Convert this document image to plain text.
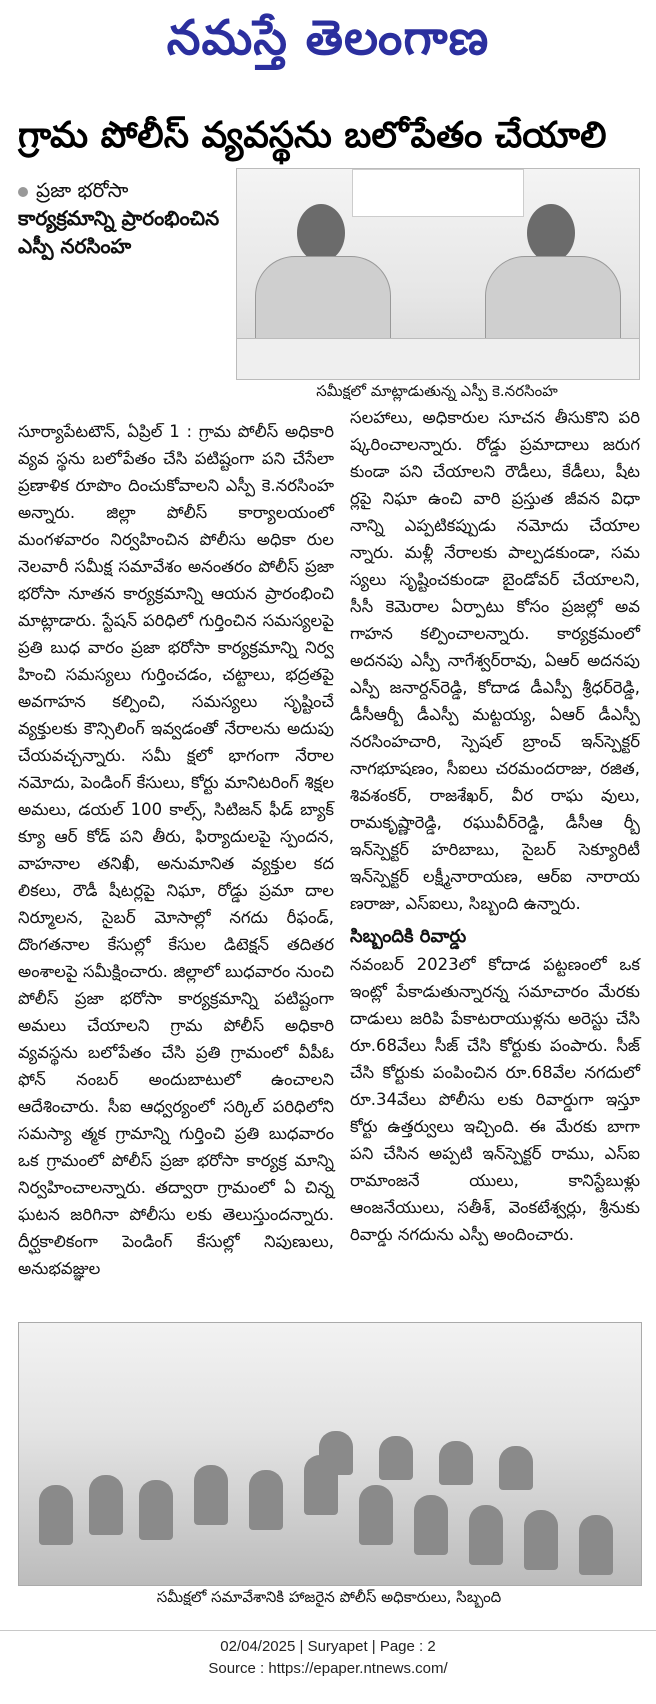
నమస్తే తెలంగాణ
గ్రామ పోలీస్ వ్యవస్థను బలోపేతం చేయాలి
ప్రజా భరోసా
కార్యక్రమాన్ని ప్రారంభించిన ఎస్పీ నరసింహ
సమీక్షలో మాట్లాడుతున్న ఎస్పీ కె.నరసింహ
సూర్యాపేటటౌన్, ఏప్రిల్ 1 : గ్రామ పోలీస్ అధికారి వ్యవ స్థను బలోపేతం చేసి పటిష్టంగా పని చేసేలా ప్రణాళిక రూపొం దించుకోవాలని ఎస్పీ కె.నరసింహ అన్నారు. జిల్లా పోలీస్ కార్యాలయంలో మంగళవారం నిర్వహించిన పోలీసు అధికా రుల నెలవారీ సమీక్ష సమావేశం అనంతరం పోలీస్ ప్రజా భరోసా నూతన కార్యక్రమాన్ని ఆయన ప్రారంభించి మాట్లాడారు. స్టేషన్ పరిధిలో గుర్తించిన సమస్యలపై ప్రతి బుధ వారం ప్రజా భరోసా కార్యక్రమాన్ని నిర్వ హించి సమస్యలు గుర్తించడం, చట్టాలు, భద్రతపై అవగాహన కల్పించి, సమస్యలు సృష్టించే వ్యక్తులకు కౌన్సిలింగ్ ఇవ్వడంతో నేరాలను అదుపు చేయవచ్చన్నారు. సమీ క్షలో భాగంగా నేరాల నమోదు, పెండింగ్ కేసులు, కోర్టు మానిటరింగ్ శిక్షల అమలు, డయల్ 100 కాల్స్, సిటిజన్ ఫీడ్ బ్యాక్ క్యూ ఆర్ కోడ్ పని తీరు, ఫిర్యాదులపై స్పందన, వాహనాల తనిఖీ, అనుమానిత వ్యక్తుల కద లికలు, రౌడీ షీటర్లపై నిఘా, రోడ్డు ప్రమా దాల నిర్మూలన, సైబర్ మోసాల్లో నగదు రీఫండ్, దొంగతనాల కేసుల్లో కేసుల డిటెక్షన్ తదితర అంశాలపై సమీక్షించారు. జిల్లాలో బుధవారం నుంచి పోలీస్ ప్రజా భరోసా కార్యక్రమాన్ని పటిష్టంగా అమలు చేయాలని గ్రామ పోలీస్ అధికారి వ్యవస్థను బలోపేతం చేసి ప్రతి గ్రామంలో వీపీఓ ఫోన్ నంబర్ అందుబాటులో ఉంచాలని ఆదేశించారు. సీఐ ఆధ్వర్యంలో సర్కిల్ పరిధిలోని సమస్యా త్మక గ్రామాన్ని గుర్తించి ప్రతి బుధవారం ఒక గ్రామంలో పోలీస్ ప్రజా భరోసా కార్యక్ర మాన్ని నిర్వహించాలన్నారు. తద్వారా గ్రామంలో ఏ చిన్న ఘటన జరిగినా పోలీసు లకు తెలుస్తుందన్నారు. దీర్ఘకాలికంగా పెండింగ్ కేసుల్లో నిపుణులు, అనుభవజ్ఞుల
సలహాలు, అధికారుల సూచన తీసుకొని పరి ష్కరించాలన్నారు. రోడ్డు ప్రమాదాలు జరుగ కుండా పని చేయాలని రౌడీలు, కేడీలు, షీట ర్లపై నిఘా ఉంచి వారి ప్రస్తుత జీవన విధా నాన్ని ఎప్పటికప్పుడు నమోదు చేయాల న్నారు. మళ్లీ నేరాలకు పాల్పడకుండా, సమ స్యలు సృష్టించకుండా బైండోవర్ చేయాలని, సీసీ కెమెరాల ఏర్పాటు కోసం ప్రజల్లో అవ గాహన కల్పించాలన్నారు. కార్యక్రమంలో అదనపు ఎస్పీ నాగేశ్వర్‌రావు, ఏఆర్ అదనపు ఎస్పీ జనార్దన్‌రెడ్డి, కోదాడ డీఎస్పీ శ్రీధర్‌రెడ్డి, డీసీఆర్బీ డీఎస్పీ మట్టయ్య, ఏఆర్ డీఎస్పీ నరసింహచారి, స్పెషల్ బ్రాంచ్ ఇన్‌స్పెక్టర్ నాగభూషణం, సీఐలు చరమందరాజు, రజిత, శివశంకర్, రాజశేఖర్, వీర రాఘ వులు, రామకృష్ణారెడ్డి, రఘువీర్‌రెడ్డి, డీసీఆ ర్బీ ఇన్‌స్పెక్టర్ హరిబాబు, సైబర్ సెక్యూరిటీ ఇన్‌స్పెక్టర్ లక్ష్మీనారాయణ, ఆర్ఐ నారాయ ణరాజు, ఎస్ఐలు, సిబ్బంది ఉన్నారు.
సిబ్బందికి రివార్డు
నవంబర్ 2023లో కోదాడ పట్టణంలో ఒక ఇంట్లో పేకాడుతున్నారన్న సమాచారం మేరకు దాడులు జరిపి పేకాటరాయుళ్లను అరెస్టు చేసి రూ.68వేలు సీజ్ చేసి కోర్టుకు పంపారు. సీజ్ చేసి కోర్టుకు పంపించిన రూ.68వేల నగదులో రూ.34వేలు పోలీసు లకు రివార్డుగా ఇస్తూ కోర్టు ఉత్తర్వులు ఇచ్చింది. ఈ మేరకు బాగా పని చేసిన అప్పటి ఇన్‌స్పెక్టర్ రాము, ఎస్ఐ రామాంజనే యులు, కానిస్టేబుళ్లు ఆంజనేయులు, సతీశ్, వెంకటేశ్వర్లు, శ్రీనుకు రివార్డు నగదును ఎస్పీ అందించారు.
సమీక్షలో సమావేశానికి హాజరైన పోలీస్ అధికారులు, సిబ్బంది
02/04/2025 | Suryapet | Page : 2
Source : https://epaper.ntnews.com/
